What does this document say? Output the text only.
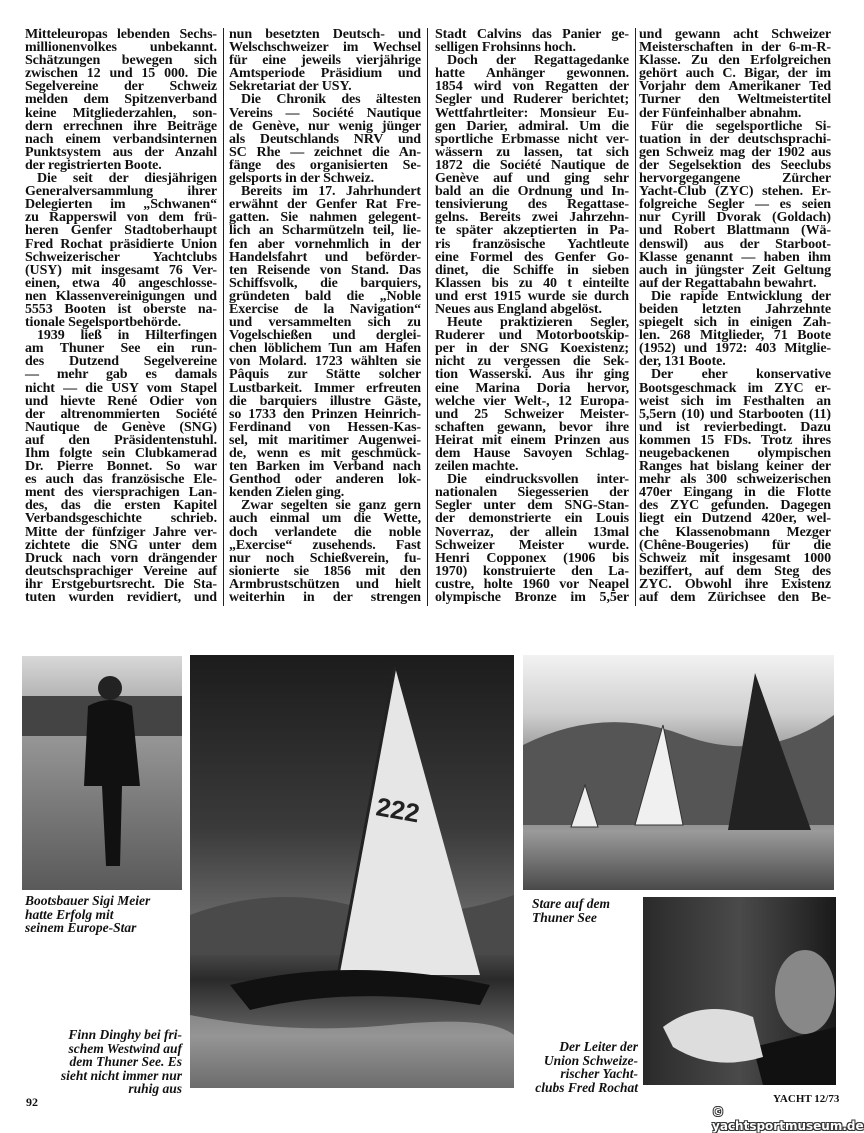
Mitteleuropas lebenden Sechs-
millionenvolkes unbekannt.
Schätzungen bewegen sich
zwischen 12 und 15 000. Die
Segelvereine der Schweiz
melden dem Spitzenverband
keine Mitgliederzahlen, son-
dern errechnen ihre Beiträge
nach einem verbandsinternen
Punktsystem aus der Anzahl
der registrierten Boote.
Die seit der diesjährigen
Generalversammlung ihrer
Delegierten im „Schwanen“
zu Rapperswil von dem frü-
heren Genfer Stadtoberhaupt
Fred Rochat präsidierte Union
Schweizerischer Yachtclubs
(USY) mit insgesamt 76 Ver-
einen, etwa 40 angeschlosse-
nen Klassenvereinigungen und
5553 Booten ist oberste na-
tionale Segelsportbehörde.
1939 ließ in Hilterfingen
am Thuner See ein run-
des Dutzend Segelvereine
— mehr gab es damals
nicht — die USY vom Stapel
und hievte René Odier von
der altrenommierten Société
Nautique de Genève (SNG)
auf den Präsidentenstuhl.
Ihm folgte sein Clubkamerad
Dr. Pierre Bonnet. So war
es auch das französische Ele-
ment des viersprachigen Lan-
des, das die ersten Kapitel
Verbandsgeschichte schrieb.
Mitte der fünfziger Jahre ver-
zichtete die SNG unter dem
Druck nach vorn drängender
deutschsprachiger Vereine auf
ihr Erstgeburtsrecht. Die Sta-
tuten wurden revidiert, und
nun besetzten Deutsch- und
Welschschweizer im Wechsel
für eine jeweils vierjährige
Amtsperiode Präsidium und
Sekretariat der USY.
Die Chronik des ältesten
Vereins — Société Nautique
de Genève, nur wenig jünger
als Deutschlands NRV und
SC Rhe — zeichnet die An-
fänge des organisierten Se-
gelsports in der Schweiz.
Bereits im 17. Jahrhundert
erwähnt der Genfer Rat Fre-
gatten. Sie nahmen gelegent-
lich an Scharmützeln teil, lie-
fen aber vornehmlich in der
Handelsfahrt und beförder-
ten Reisende von Stand. Das
Schiffsvolk, die barquiers,
gründeten bald die „Noble
Exercise de la Navigation“
und versammelten sich zu
Vogelschießen und derglei-
chen löblichem Tun am Hafen
von Molard. 1723 wählten sie
Pâquis zur Stätte solcher
Lustbarkeit. Immer erfreuten
die barquiers illustre Gäste,
so 1733 den Prinzen Heinrich-
Ferdinand von Hessen-Kas-
sel, mit maritimer Augenwei-
de, wenn es mit geschmück-
ten Barken im Verband nach
Genthod oder anderen lok-
kenden Zielen ging.
Zwar segelten sie ganz gern
auch einmal um die Wette,
doch verlandete die noble
„Exercise“ zusehends. Fast
nur noch Schießverein, fu-
sionierte sie 1856 mit den
Armbrustschützen und hielt
weiterhin in der strengen
Stadt Calvins das Panier ge-
selligen Frohsinns hoch.
Doch der Regattagedanke
hatte Anhänger gewonnen.
1854 wird von Regatten der
Segler und Ruderer berichtet;
Wettfahrtleiter: Monsieur Eu-
gen Darier, admiral. Um die
sportliche Erbmasse nicht ver-
wässern zu lassen, tat sich
1872 die Société Nautique de
Genève auf und ging sehr
bald an die Ordnung und In-
tensivierung des Regattase-
gelns. Bereits zwei Jahrzehn-
te später akzeptierten in Pa-
ris französische Yachtleute
eine Formel des Genfer Go-
dinet, die Schiffe in sieben
Klassen bis zu 40 t einteilte
und erst 1915 wurde sie durch
Neues aus England abgelöst.
Heute praktizieren Segler,
Ruderer und Motorbootskip-
per in der SNG Koexistenz;
nicht zu vergessen die Sek-
tion Wasserski. Aus ihr ging
eine Marina Doria hervor,
welche vier Welt-, 12 Europa-
und 25 Schweizer Meister-
schaften gewann, bevor ihre
Heirat mit einem Prinzen aus
dem Hause Savoyen Schlag-
zeilen machte.
Die eindrucksvollen inter-
nationalen Siegesserien der
Segler unter dem SNG-Stan-
der demonstrierte ein Louis
Noverraz, der allein 13mal
Schweizer Meister wurde.
Henri Copponex (1906 bis
1970) konstruierte den La-
custre, holte 1960 vor Neapel
olympische Bronze im 5,5er
und gewann acht Schweizer
Meisterschaften in der 6-m-R-
Klasse. Zu den Erfolgreichen
gehört auch C. Bigar, der im
Vorjahr dem Amerikaner Ted
Turner den Weltmeistertitel
der Fünfeinhalber abnahm.
Für die segelsportliche Si-
tuation in der deutschsprachi-
gen Schweiz mag der 1902 aus
der Segelsektion des Seeclubs
hervorgegangene Zürcher
Yacht-Club (ZYC) stehen. Er-
folgreiche Segler — es seien
nur Cyrill Dvorak (Goldach)
und Robert Blattmann (Wä-
denswil) aus der Starboot-
Klasse genannt — haben ihm
auch in jüngster Zeit Geltung
auf der Regattabahn bewahrt.
Die rapide Entwicklung der
beiden letzten Jahrzehnte
spiegelt sich in einigen Zah-
len. 268 Mitglieder, 71 Boote
(1952) und 1972: 403 Mitglie-
der, 131 Boote.
Der eher konservative
Bootsgeschmack im ZYC er-
weist sich im Festhalten an
5,5ern (10) und Starbooten (11)
und ist revierbedingt. Dazu
kommen 15 FDs. Trotz ihres
neugebackenen olympischen
Ranges hat bislang keiner der
mehr als 300 schweizerischen
470er Eingang in die Flotte
des ZYC gefunden. Dagegen
liegt ein Dutzend 420er, wel-
che Klassenobmann Mezger
(Chêne-Bougeries) für die
Schweiz mit insgesamt 1000
beziffert, auf dem Steg des
ZYC. Obwohl ihre Existenz
auf dem Zürichsee den Be-
222
Bootsbauer Sigi Meier
hatte Erfolg mit
seinem Europe-Star
Finn Dinghy bei fri-
schem Westwind auf
dem Thuner See. Es
sieht nicht immer nur
ruhig aus
Stare auf dem
Thuner See
Der Leiter der
Union Schweize-
rischer Yacht-
clubs Fred Rochat
92	YACHT 12/73
© yachtsportmuseum.de
